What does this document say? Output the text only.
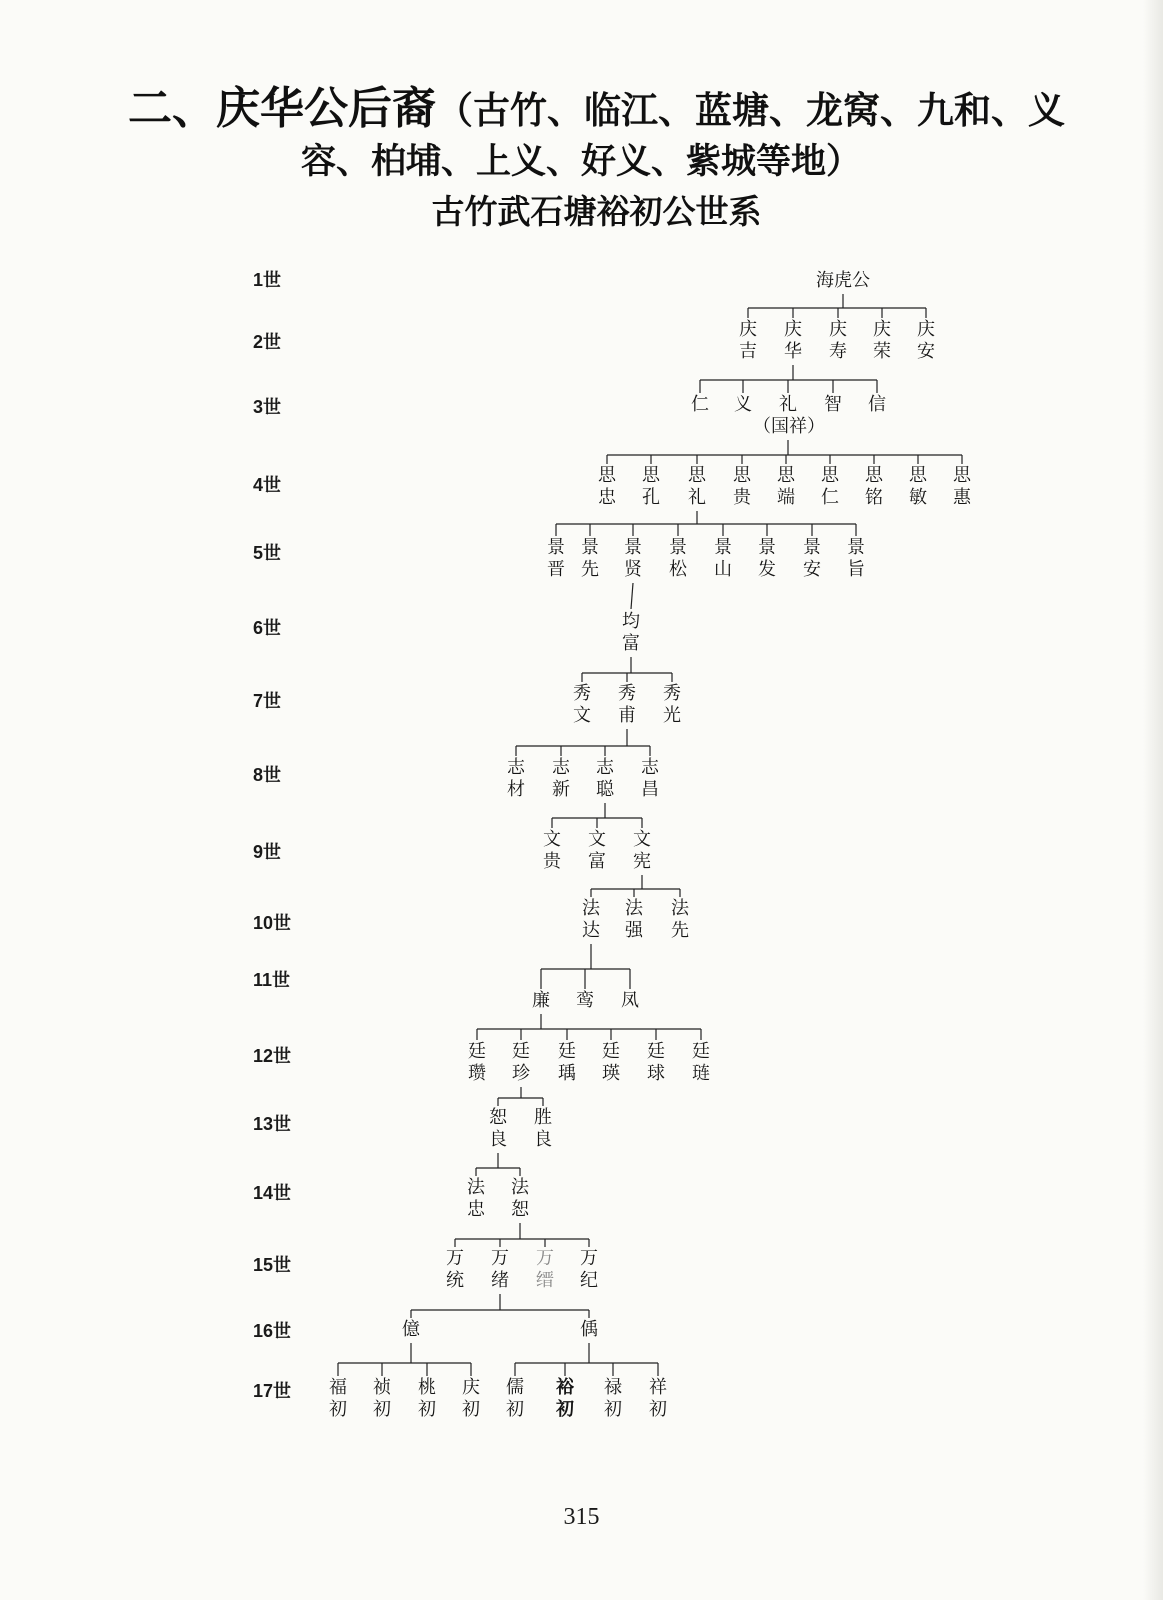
二、庆华公后裔（古竹、临江、蓝塘、龙窝、九和、义
容、柏埔、上义、好义、紫城等地）
古竹武石塘裕初公世系
1世
2世
3世
4世
5世
6世
7世
8世
9世
10世
11世
12世
13世
14世
15世
16世
17世
海虎公
庆
吉
庆
华
庆
寿
庆
荣
庆
安
仁 义 礼
（国祥）
智 信
思
忠
思
孔
思
礼
思
贵
思
端
思
仁
思
铭
思
敏
思
惠
景
晋
景
先
景
贤
景
松
景
山
景
发
景
安
景
旨
均
富
秀
文
秀
甫
秀
光
志
材
志
新
志
聪
志
昌
文
贵
文
富
文
宪
法
达
法
强
法
先
廉 鸾 凤
廷
瓒
廷
珍
廷
瑀
廷
瑛
廷
球
廷
琏
恕
良
胜
良
法
忠
法
恕
万
统
万
绪
万
缙
万
纪
億	偊
福
初
祯
初
桃
初
庆
初
儒
初
裕
初
禄
初
祥
初
315
